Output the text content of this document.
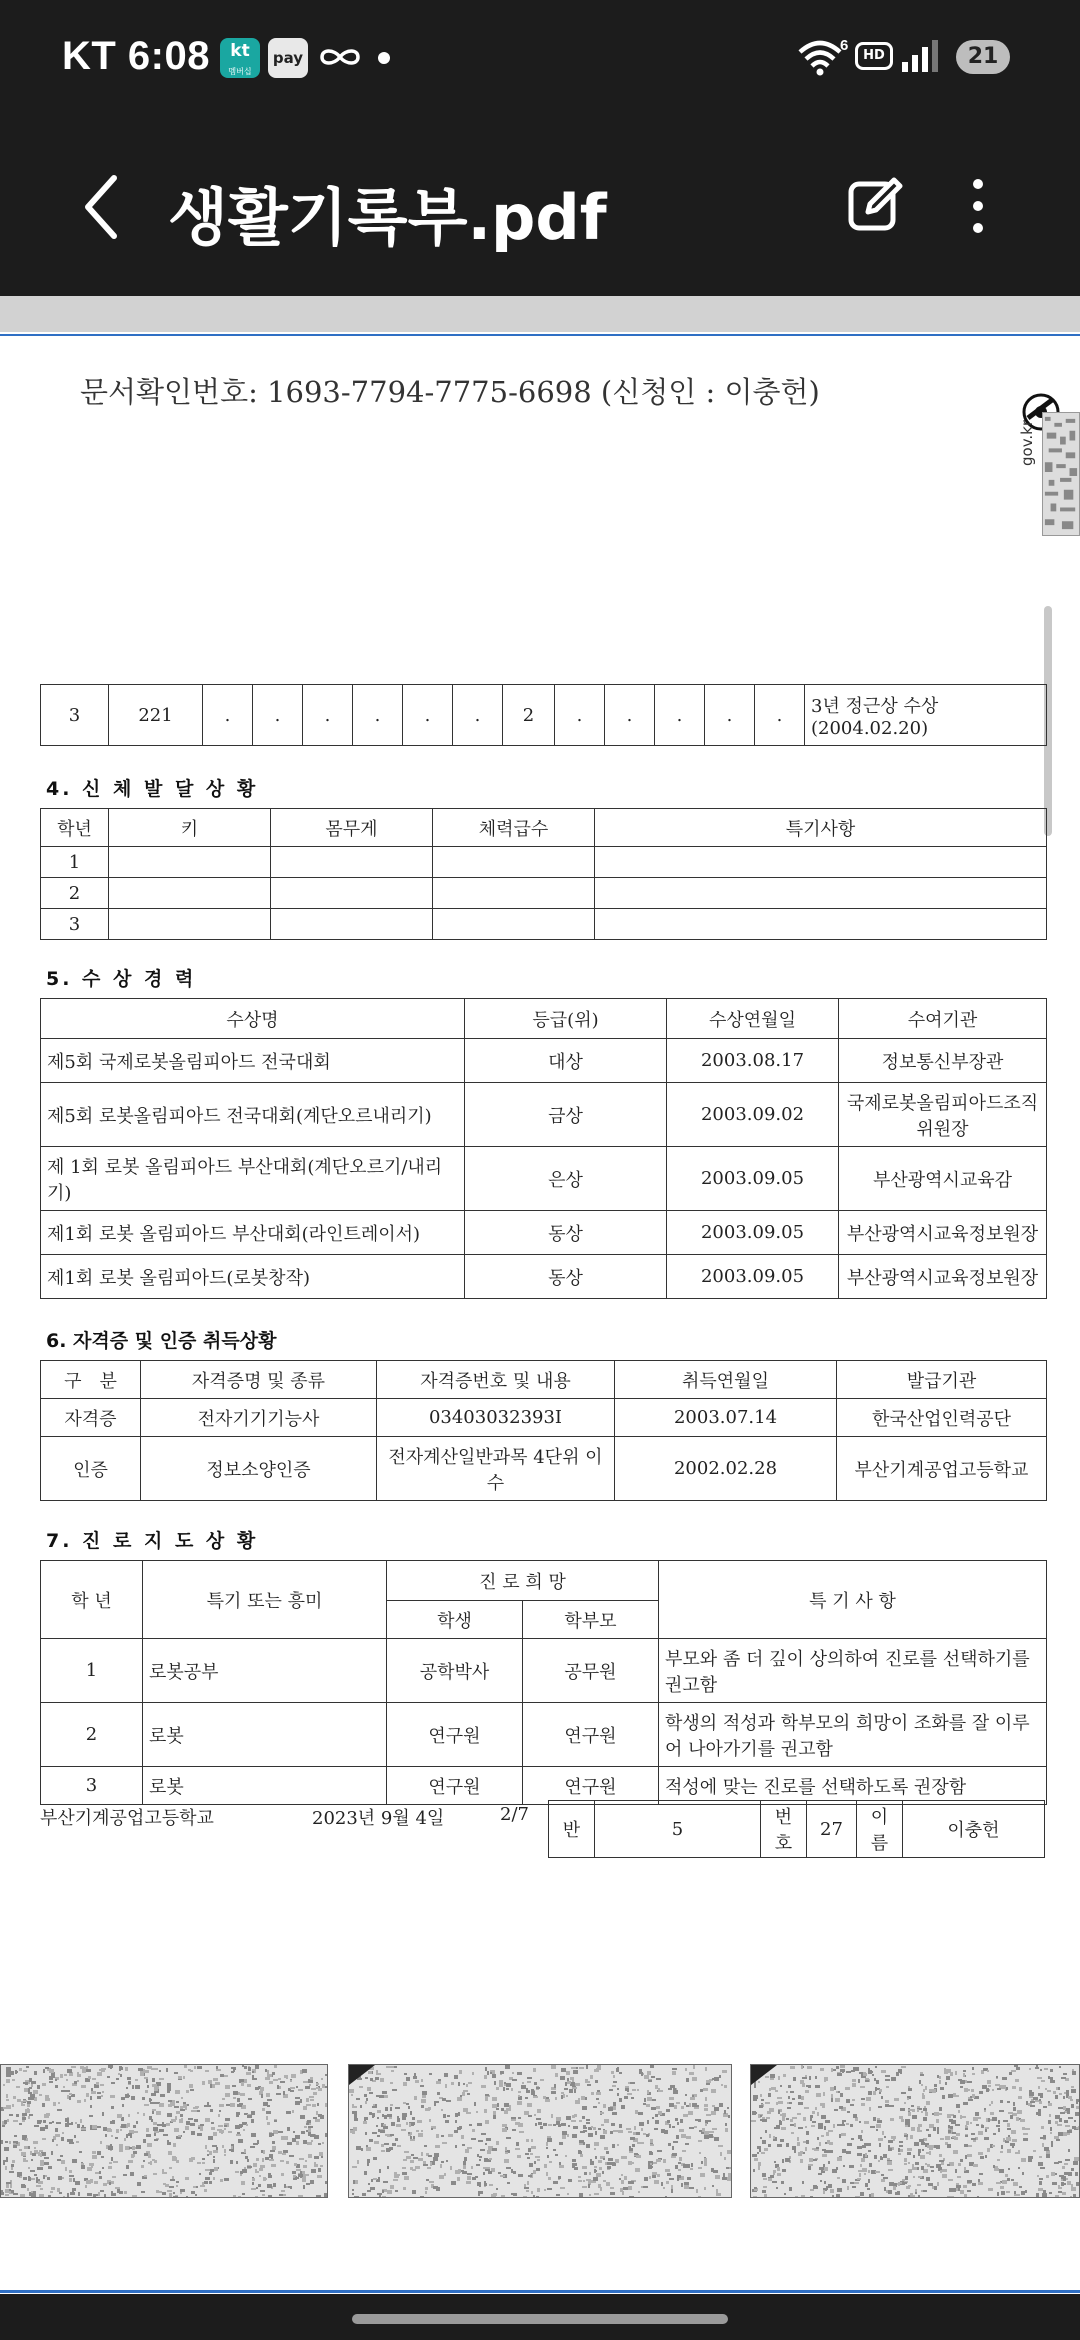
KT 6:08	kt
멤버십
pay
6
HD	21
생활기록부.pdf
문서확인번호: 1693-7794-7775-6698 (신청인 : 이충헌)
gov.kr
3	221	.	.	.	.	.	.	2	.	.	.	.	.	3년 정근상 수상 (2004.02.20)
4. 신 체 발 달 상 황
학년	키	몸무게	체력급수	특기사항
1				
2				
3				
5. 수 상 경 력
수상명	등급(위)	수상연월일	수여기관
제5회 국제로봇올림피아드 전국대회	대상	2003.08.17	정보통신부장관
제5회 로봇올림피아드 전국대회(계단오르내리기)	금상	2003.09.02	국제로봇올림피아드조직위원장
제 1회 로봇 올림피아드 부산대회(계단오르기/내리기)	은상	2003.09.05	부산광역시교육감
제1회 로봇 올림피아드 부산대회(라인트레이서)	동상	2003.09.05	부산광역시교육정보원장
제1회 로봇 올림피아드(로봇창작)	동상	2003.09.05	부산광역시교육정보원장
6. 자격증 및 인증 취득상황
구　분	자격증명 및 종류	자격증번호 및 내용	취득연월일	발급기관
자격증	전자기기기능사	03403032393I	2003.07.14	한국산업인력공단
인증	정보소양인증	전자계산일반과목 4단위 이수	2002.02.28	부산기계공업고등학교
7. 진 로 지 도 상 황
학 년	특기 또는 흥미	진 로 희 망		특 기 사 항
		학생	학부모	
1	로봇공부	공학박사	공무원	부모와 좀 더 깊이 상의하여 진로를 선택하기를 권고함
2	로봇	연구원	연구원	학생의 적성과 학부모의 희망이 조화를 잘 이루어 나아가기를 권고함
3	로봇	연구원	연구원	적성에 맞는 진로를 선택하도록 권장함
부산기계공업고등학교	2023년 9월 4일	2/7
반	5	번호	27	이름	이충헌
